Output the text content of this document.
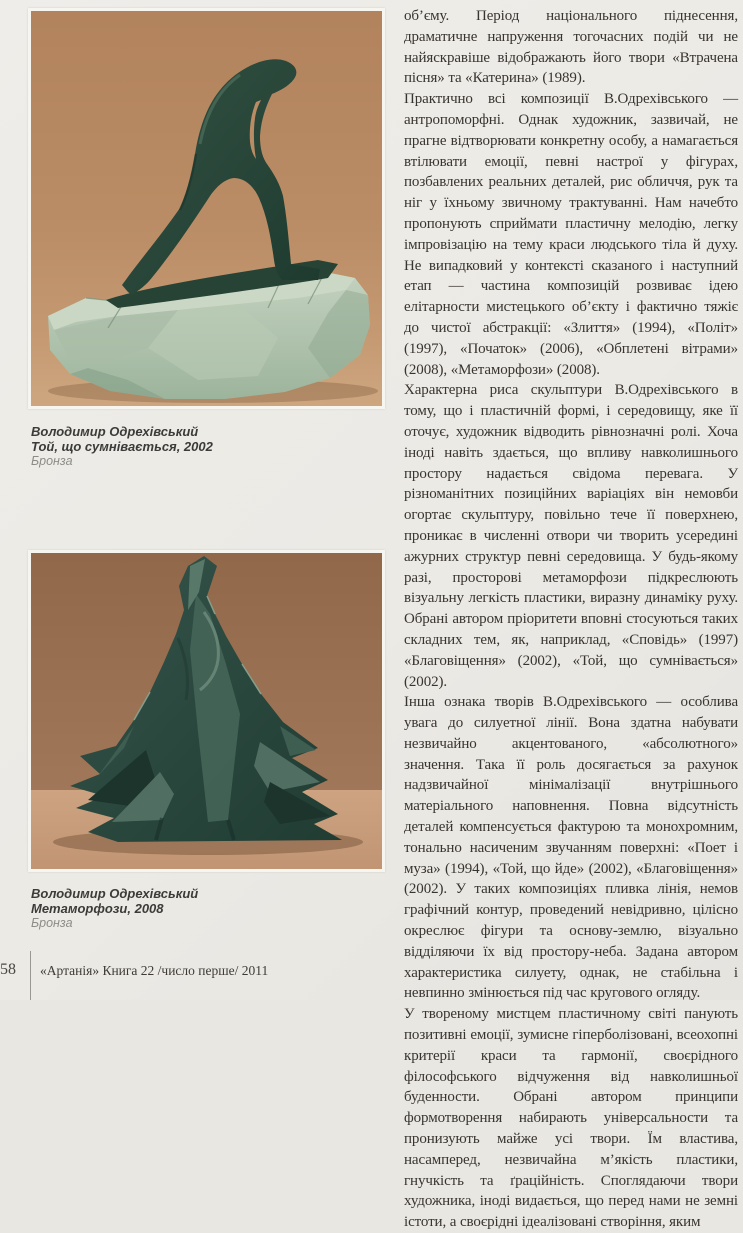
Володимир Одрехівський
Той, що сумнівається, 2002
Бронза
Володимир Одрехівський
Метаморфози, 2008
Бронза

об’єму. Період національного піднесення, драматичне напруження тогочасних подій чи не найяскравіше відображають його твори «Втрачена пісня» та «Катерина» (1989).

Практично всі композиції В.Одрехівського — антропоморфні. Однак художник, зазвичай, не прагне відтворювати конкретну особу, а намагається втілювати емоції, певні настрої у фігурах, позбавлених реальних деталей, рис обличчя, рук та ніг у їхньому звичному трактуванні. Нам начебто пропонують сприймати пластичну мелодію, легку імпровізацію на тему краси людського тіла й духу. Не випадковий у контексті сказаного і наступний етап — частина композицій розвиває ідею елітарности мистецького об’єкту і фактично тяжіє до чистої абстракції: «Злиття» (1994), «Політ» (1997), «Початок» (2006), «Обплетені вітрами» (2008), «Метаморфози» (2008).

Характерна риса скульптури В.Одрехівського в тому, що і пластичній формі, і середовищу, яке її оточує, художник відводить рівнозначні ролі. Хоча іноді навіть здається, що впливу навколишнього простору надається свідома перевага. У різноманітних позиційних варіаціях він немовби огортає скульптуру, повільно тече її поверхнею, проникає в численні отвори чи творить усередині ажурних структур певні середовища. У будь-якому разі, просторові метаморфози підкреслюють візуальну легкість пластики, виразну динаміку руху. Обрані автором пріоритети вповні стосуються таких складних тем, як, наприклад, «Сповідь» (1997) «Благовіщення» (2002), «Той, що сумнівається» (2002).

Інша ознака творів В.Одрехівського — особлива увага до силуетної лінії. Вона здатна набувати незвичайно акцентованого, «абсолютного» значення. Така її роль досягається за рахунок надзвичайної мінімалізації внутрішнього матеріального наповнення. Повна відсутність деталей компенсується фактурою та монохромним, тонально насиченим звучанням поверхні: «Поет і муза» (1994), «Той, що йде» (2002), «Благовіщення» (2002). У таких композиціях пливка лінія, немов графічний контур, проведений невідривно, цілісно окреслює фігури та основу-землю, візуально відділяючи їх від простору-неба. Задана автором характеристика силуету, однак, не стабільна і невпинно змінюється під час кругового огляду.

У твореному мистцем пластичному світі панують позитивні емоції, зумисне гіперболізовані, всеохопні критерії краси та гармонії, своєрідного філософського відчуження від навколишньої буденности. Обрані автором принципи формотворення набирають універсальности та пронизують майже усі твори. Їм властива, насамперед, незвичайна м’якість пластики, гнучкість та ґраційність. Споглядаючи твори художника, іноді видається, що перед нами не земні істоти, а своєрідні ідеалізовані створіння, яким

58 «Артанія» Книга 22 /число перше/ 2011
